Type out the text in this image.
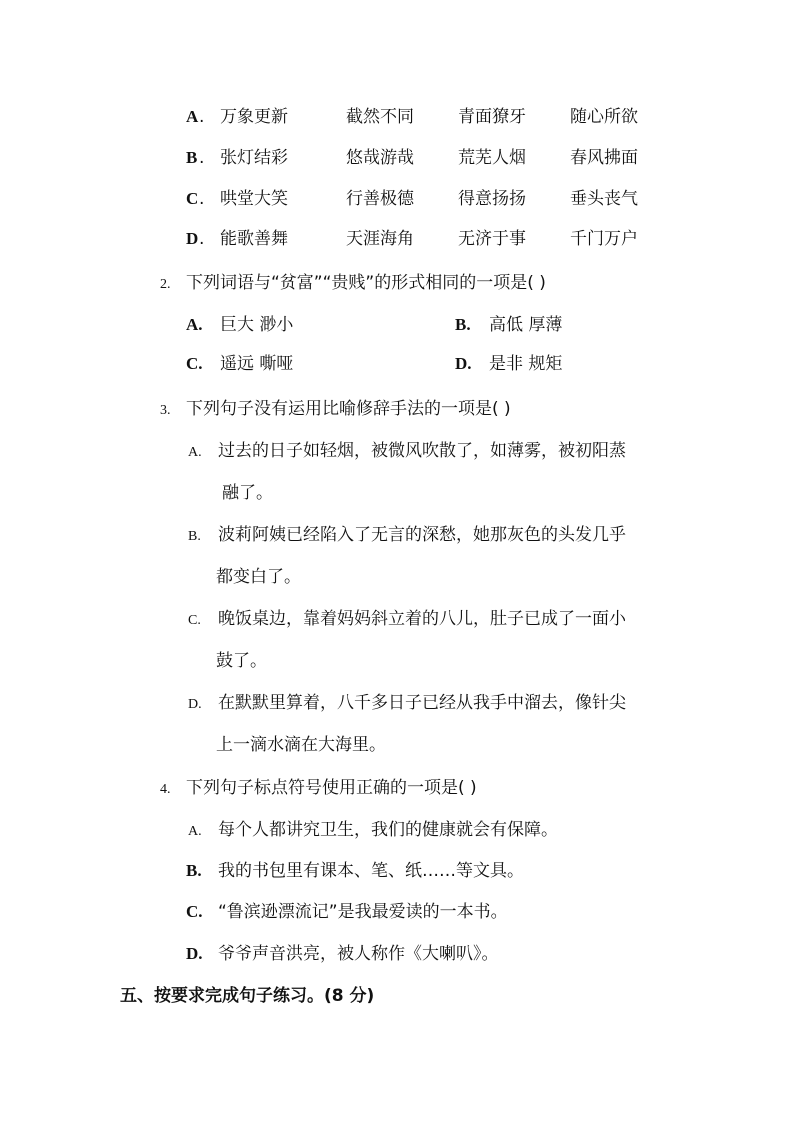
A . 万象更新	截然不同	青面獠牙	随心所欲
B . 张灯结彩	悠哉游哉	荒芜人烟	春风拂面
C . 哄堂大笑	行善极德	得意扬扬	垂头丧气
D . 能歌善舞	天涯海角	无济于事	千门万户
2. 下列词语与“贫富”“贵贱”的形式相同的一项是( )
A. 巨大 渺小	B. 高低 厚薄
C. 遥远 嘶哑	D. 是非 规矩
3. 下列句子没有运用比喻修辞手法的一项是( )
A. 过去的日子如轻烟，被微风吹散了，如薄雾，被初阳蒸
融了。
B. 波莉阿姨已经陷入了无言的深愁，她那灰色的头发几乎
都变白了。
C. 晚饭桌边，靠着妈妈斜立着的八儿，肚子已成了一面小
鼓了。
D. 在默默里算着，八千多日子已经从我手中溜去，像针尖
上一滴水滴在大海里。
4. 下列句子标点符号使用正确的一项是( )
A. 每个人都讲究卫生，我们的健康就会有保障。
B. 我的书包里有课本、笔、纸……等文具。
C. “鲁滨逊漂流记”是我最爱读的一本书。
D. 爷爷声音洪亮，被人称作《大喇叭》。
五、按要求完成句子练习。(8 分)
